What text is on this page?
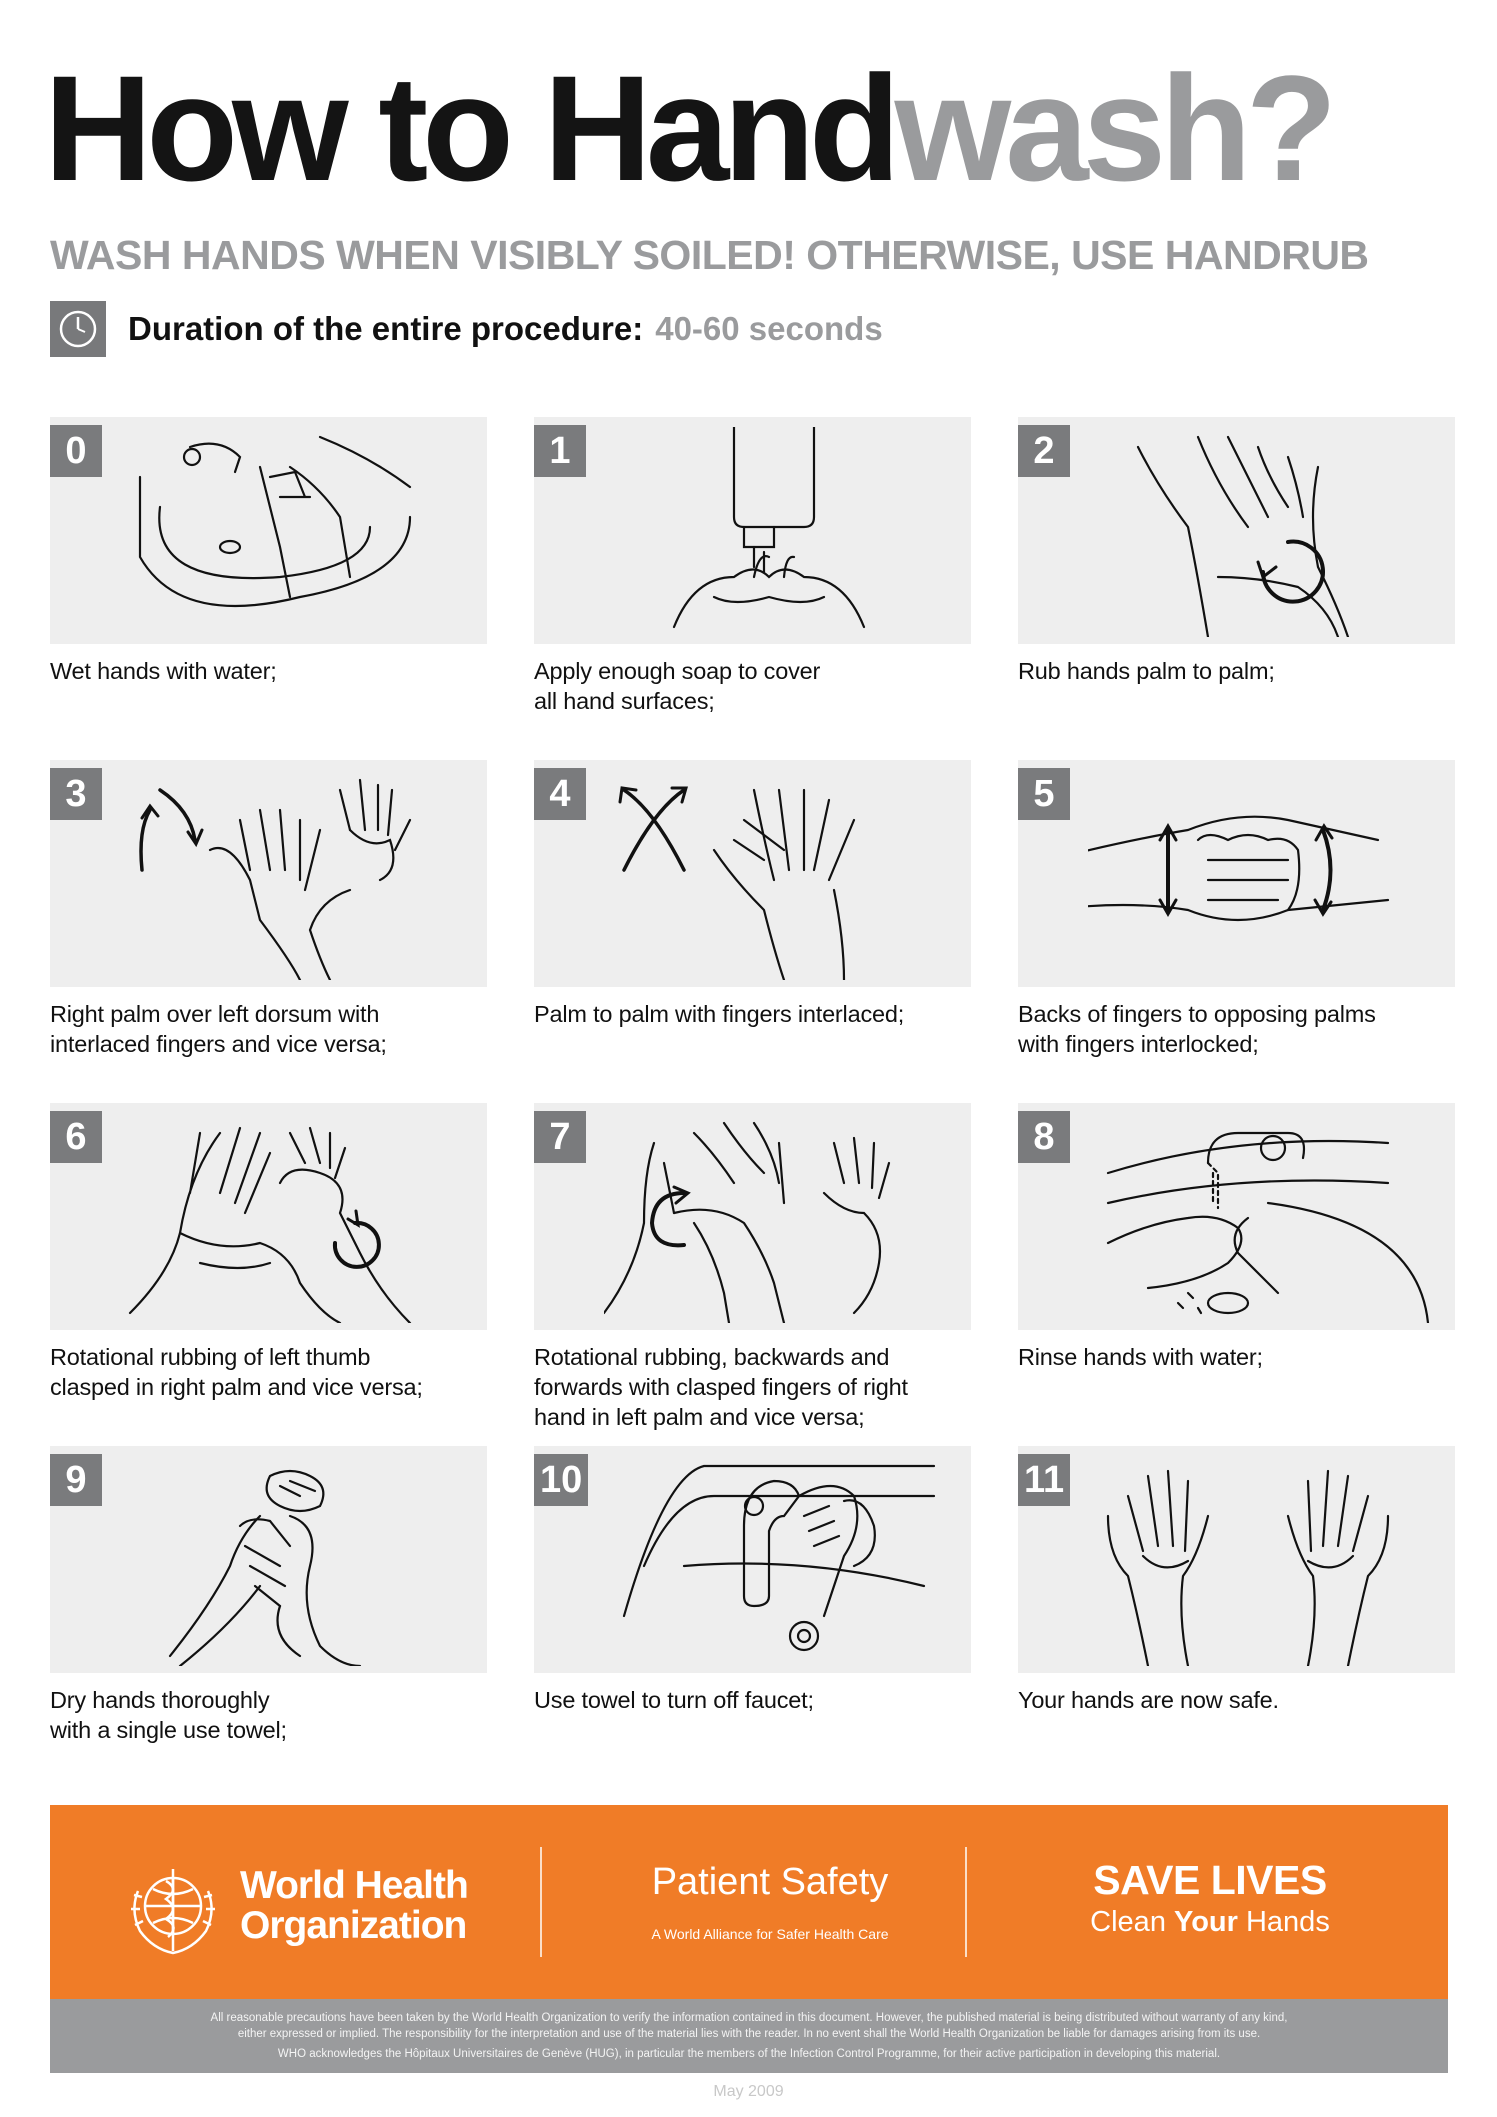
How to Handwash?
WASH HANDS WHEN VISIBLY SOILED! OTHERWISE, USE HANDRUB
Duration of the entire procedure: 40-60 seconds
0
Wet hands with water;
1
Apply enough soap to cover
all hand surfaces;
2
Rub hands palm to palm;
3
Right palm over left dorsum with
interlaced fingers and vice versa;
4
Palm to palm with fingers interlaced;
5
Backs of fingers to opposing palms
with fingers interlocked;
6
Rotational rubbing of left thumb
clasped in right palm and vice versa;
7
Rotational rubbing, backwards and
forwards with clasped fingers of right
hand in left palm and vice versa;
8
Rinse hands with water;
9
Dry hands thoroughly
with a single use towel;
10
Use towel to turn off faucet;
11
Your hands are now safe.
World Health
Organization
Patient Safety
A World Alliance for Safer Health Care
SAVE LIVES
Clean Your Hands

All reasonable precautions have been taken by the World Health Organization to verify the information contained in this document. However, the published material is being distributed without warranty of any kind,

either expressed or implied. The responsibility for the interpretation and use of the material lies with the reader. In no event shall the World Health Organization be liable for damages arising from its use.

WHO acknowledges the Hôpitaux Universitaires de Genève (HUG), in particular the members of the Infection Control Programme, for their active participation in developing this material.

May 2009
